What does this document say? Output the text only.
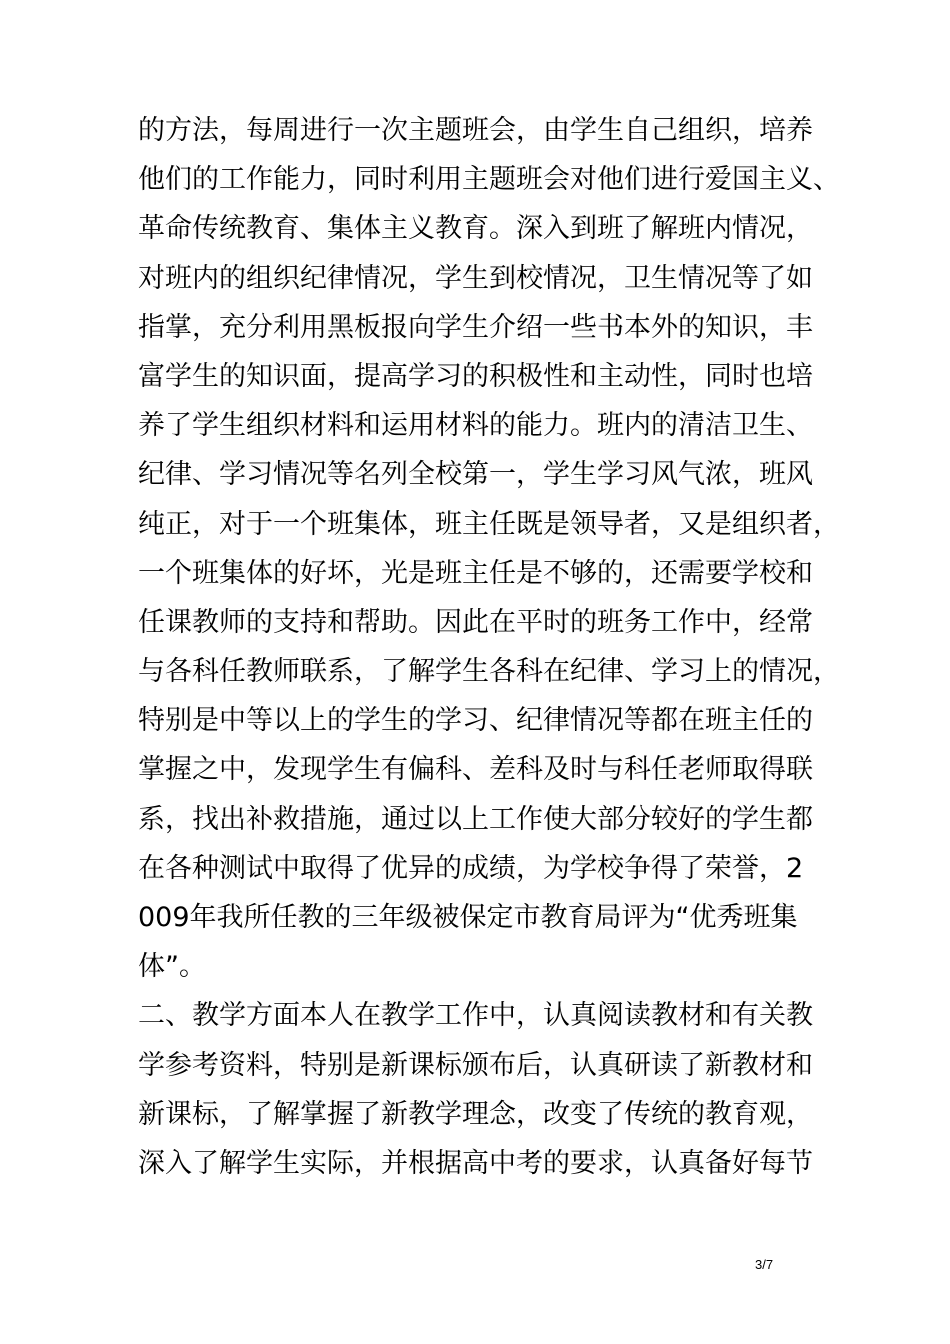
的方法，每周进行一次主题班会，由学生自己组织，培养
他们的工作能力，同时利用主题班会对他们进行爱国主义、
革命传统教育、集体主义教育。深入到班了解班内情况，
对班内的组织纪律情况，学生到校情况，卫生情况等了如
指掌，充分利用黑板报向学生介绍一些书本外的知识，丰
富学生的知识面，提高学习的积极性和主动性，同时也培
养了学生组织材料和运用材料的能力。班内的清洁卫生、
纪律、学习情况等名列全校第一，学生学习风气浓，班风
纯正，对于一个班集体，班主任既是领导者，又是组织者，
一个班集体的好坏，光是班主任是不够的，还需要学校和
任课教师的支持和帮助。因此在平时的班务工作中，经常
与各科任教师联系，了解学生各科在纪律、学习上的情况，
特别是中等以上的学生的学习、纪律情况等都在班主任的
掌握之中，发现学生有偏科、差科及时与科任老师取得联
系，找出补救措施，通过以上工作使大部分较好的学生都
在各种测试中取得了优异的成绩，为学校争得了荣誉，2
009年我所任教的三年级被保定市教育局评为“优秀班集
体”。
二、教学方面本人在教学工作中，认真阅读教材和有关教
学参考资料，特别是新课标颁布后，认真研读了新教材和
新课标，了解掌握了新教学理念，改变了传统的教育观，
深入了解学生实际，并根据高中考的要求，认真备好每节
3/7
